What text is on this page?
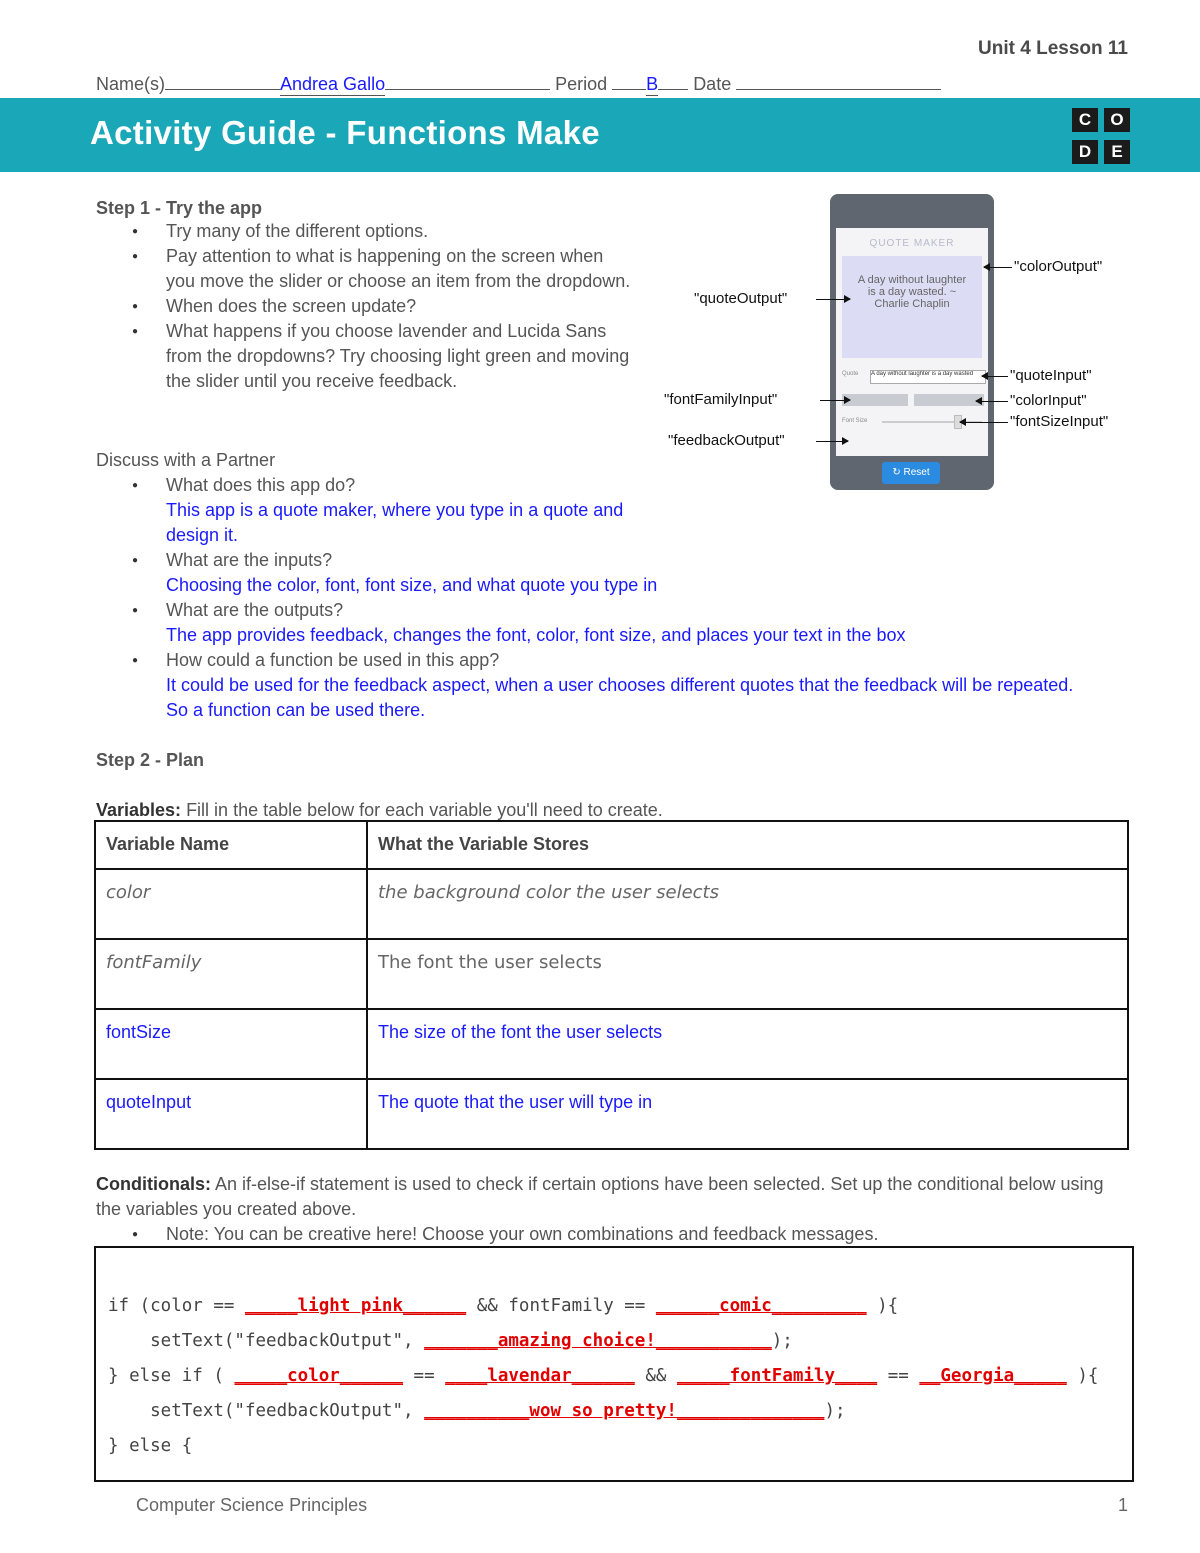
Unit 4 Lesson 11
Name(s)	Andrea Gallo	Period B Date
Activity Guide - Functions Make	C	O
D	E
Step 1 - Try the app
● Try many of the different options.
● Pay attention to what is happening on the screen when you move the slider or choose an item from the dropdown.
● When does the screen update?
● What happens if you choose lavender and Lucida Sans from the dropdowns? Try choosing light green and moving the slider until you receive feedback.
QUOTE MAKER
A day without laughter is a day wasted. ~ Charlie Chaplin
Quote A day without laughter is a day wasted
Font Size
↻ Reset
"colorOutput"
"quoteOutput"
"quoteInput"
"fontFamilyInput"	"colorInput"
"fontSizeInput"
"feedbackOutput"
Discuss with a Partner
● What does this app do?
This app is a quote maker, where you type in a quote and design it.
● What are the inputs?
Choosing the color, font, font size, and what quote you type in
● What are the outputs?
The app provides feedback, changes the font, color, font size, and places your text in the box
● How could a function be used in this app?
It could be used for the feedback aspect, when a user chooses different quotes that the feedback will be repeated. So a function can be used there.
Step 2 - Plan
Variables: Fill in the table below for each variable you'll need to create.
Variable Name	What the Variable Stores
color	the background color the user selects
fontFamily	The font the user selects
fontSize	The size of the font the user selects
quoteInput	The quote that the user will type in
Conditionals: An if-else-if statement is used to check if certain options have been selected. Set up the conditional below using the variables you created above.
● Note: You can be creative here! Choose your own combinations and feedback messages.
if (color == _____light pink______ && fontFamily == ______comic_________ ){
setText("feedbackOutput", _______amazing choice!___________);
} else if ( _____color______ == ____lavendar______ && _____fontFamily____ == __Georgia_____ ){
setText("feedbackOutput", __________wow so pretty!______________);
} else {
Computer Science Principles	1
